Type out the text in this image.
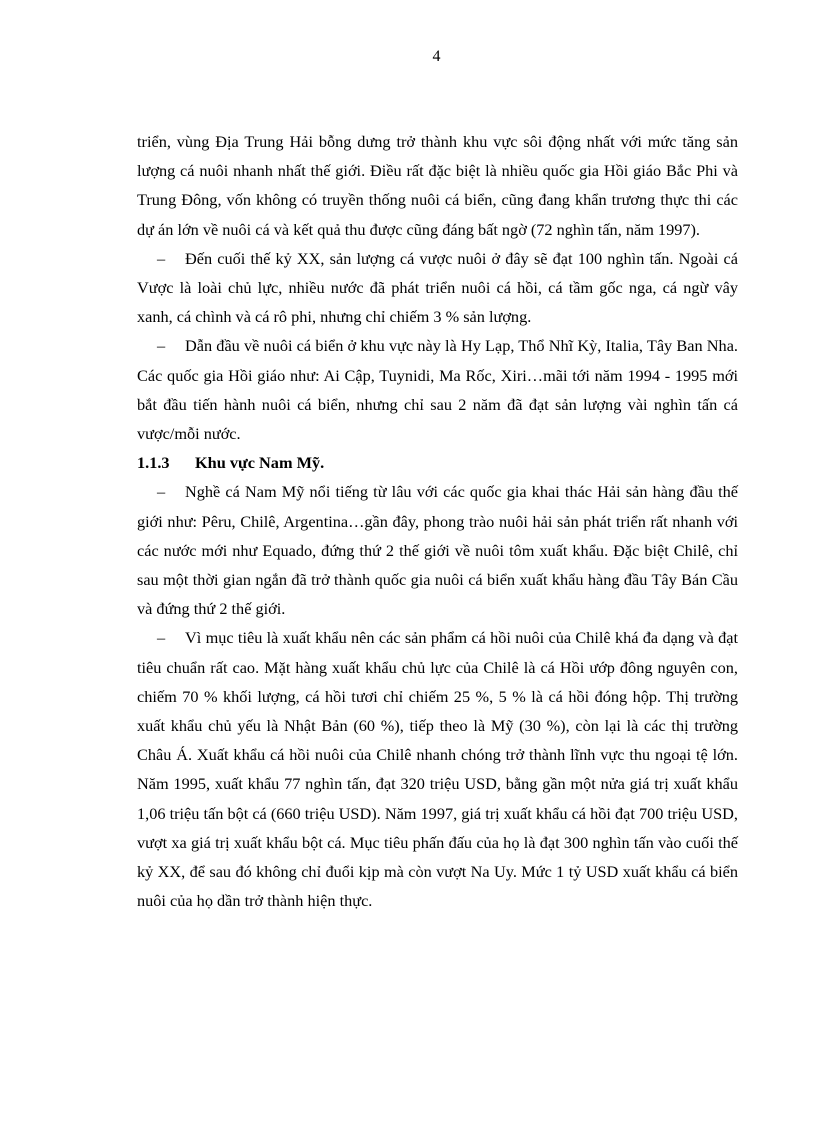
4

triển, vùng Địa Trung Hải bỗng dưng trở thành khu vực sôi động nhất với mức tăng sản lượng cá nuôi nhanh nhất thế giới. Điều rất đặc biệt là nhiều quốc gia Hồi giáo Bắc Phi và Trung Đông, vốn không có truyền thống nuôi cá biển, cũng đang khẩn trương thực thi các dự án lớn về nuôi cá và kết quả thu được cũng đáng bất ngờ (72 nghìn tấn, năm 1997).

– Đến cuối thế kỷ XX, sản lượng cá vược nuôi ở đây sẽ đạt 100 nghìn tấn. Ngoài cá Vược là loài chủ lực, nhiều nước đã phát triển nuôi cá hồi, cá tầm gốc nga, cá ngừ vây xanh, cá chình và cá rô phi, nhưng chỉ chiếm 3 % sản lượng.

– Dẫn đầu về nuôi cá biển ở khu vực này là Hy Lạp, Thổ Nhĩ Kỳ, Italia, Tây Ban Nha. Các quốc gia Hồi giáo như: Ai Cập, Tuynidi, Ma Rốc, Xiri…mãi tới năm 1994 - 1995 mới bắt đầu tiến hành nuôi cá biển, nhưng chỉ sau 2 năm đã đạt sản lượng vài nghìn tấn cá vược/mỗi nước.

1.1.3 Khu vực Nam Mỹ.

– Nghề cá Nam Mỹ nổi tiếng từ lâu với các quốc gia khai thác Hải sản hàng đầu thế giới như: Pêru, Chilê, Argentina…gần đây, phong trào nuôi hải sản phát triển rất nhanh với các nước mới như Equado, đứng thứ 2 thế giới về nuôi tôm xuất khẩu. Đặc biệt Chilê, chỉ sau một thời gian ngắn đã trở thành quốc gia nuôi cá biển xuất khẩu hàng đầu Tây Bán Cầu và đứng thứ 2 thế giới.

– Vì mục tiêu là xuất khẩu nên các sản phẩm cá hồi nuôi của Chilê khá đa dạng và đạt tiêu chuẩn rất cao. Mặt hàng xuất khẩu chủ lực của Chilê là cá Hồi ướp đông nguyên con, chiếm 70 % khối lượng, cá hồi tươi chỉ chiếm 25 %, 5 % là cá hồi đóng hộp. Thị trường xuất khẩu chủ yếu là Nhật Bản (60 %), tiếp theo là Mỹ (30 %), còn lại là các thị trường Châu Á. Xuất khẩu cá hồi nuôi của Chilê nhanh chóng trở thành lĩnh vực thu ngoại tệ lớn. Năm 1995, xuất khẩu 77 nghìn tấn, đạt 320 triệu USD, bằng gần một nửa giá trị xuất khẩu 1,06 triệu tấn bột cá (660 triệu USD). Năm 1997, giá trị xuất khẩu cá hồi đạt 700 triệu USD, vượt xa giá trị xuất khẩu bột cá. Mục tiêu phấn đấu của họ là đạt 300 nghìn tấn vào cuối thế kỷ XX, để sau đó không chỉ đuổi kịp mà còn vượt Na Uy. Mức 1 tỷ USD xuất khẩu cá biển nuôi của họ dần trở thành hiện thực.
